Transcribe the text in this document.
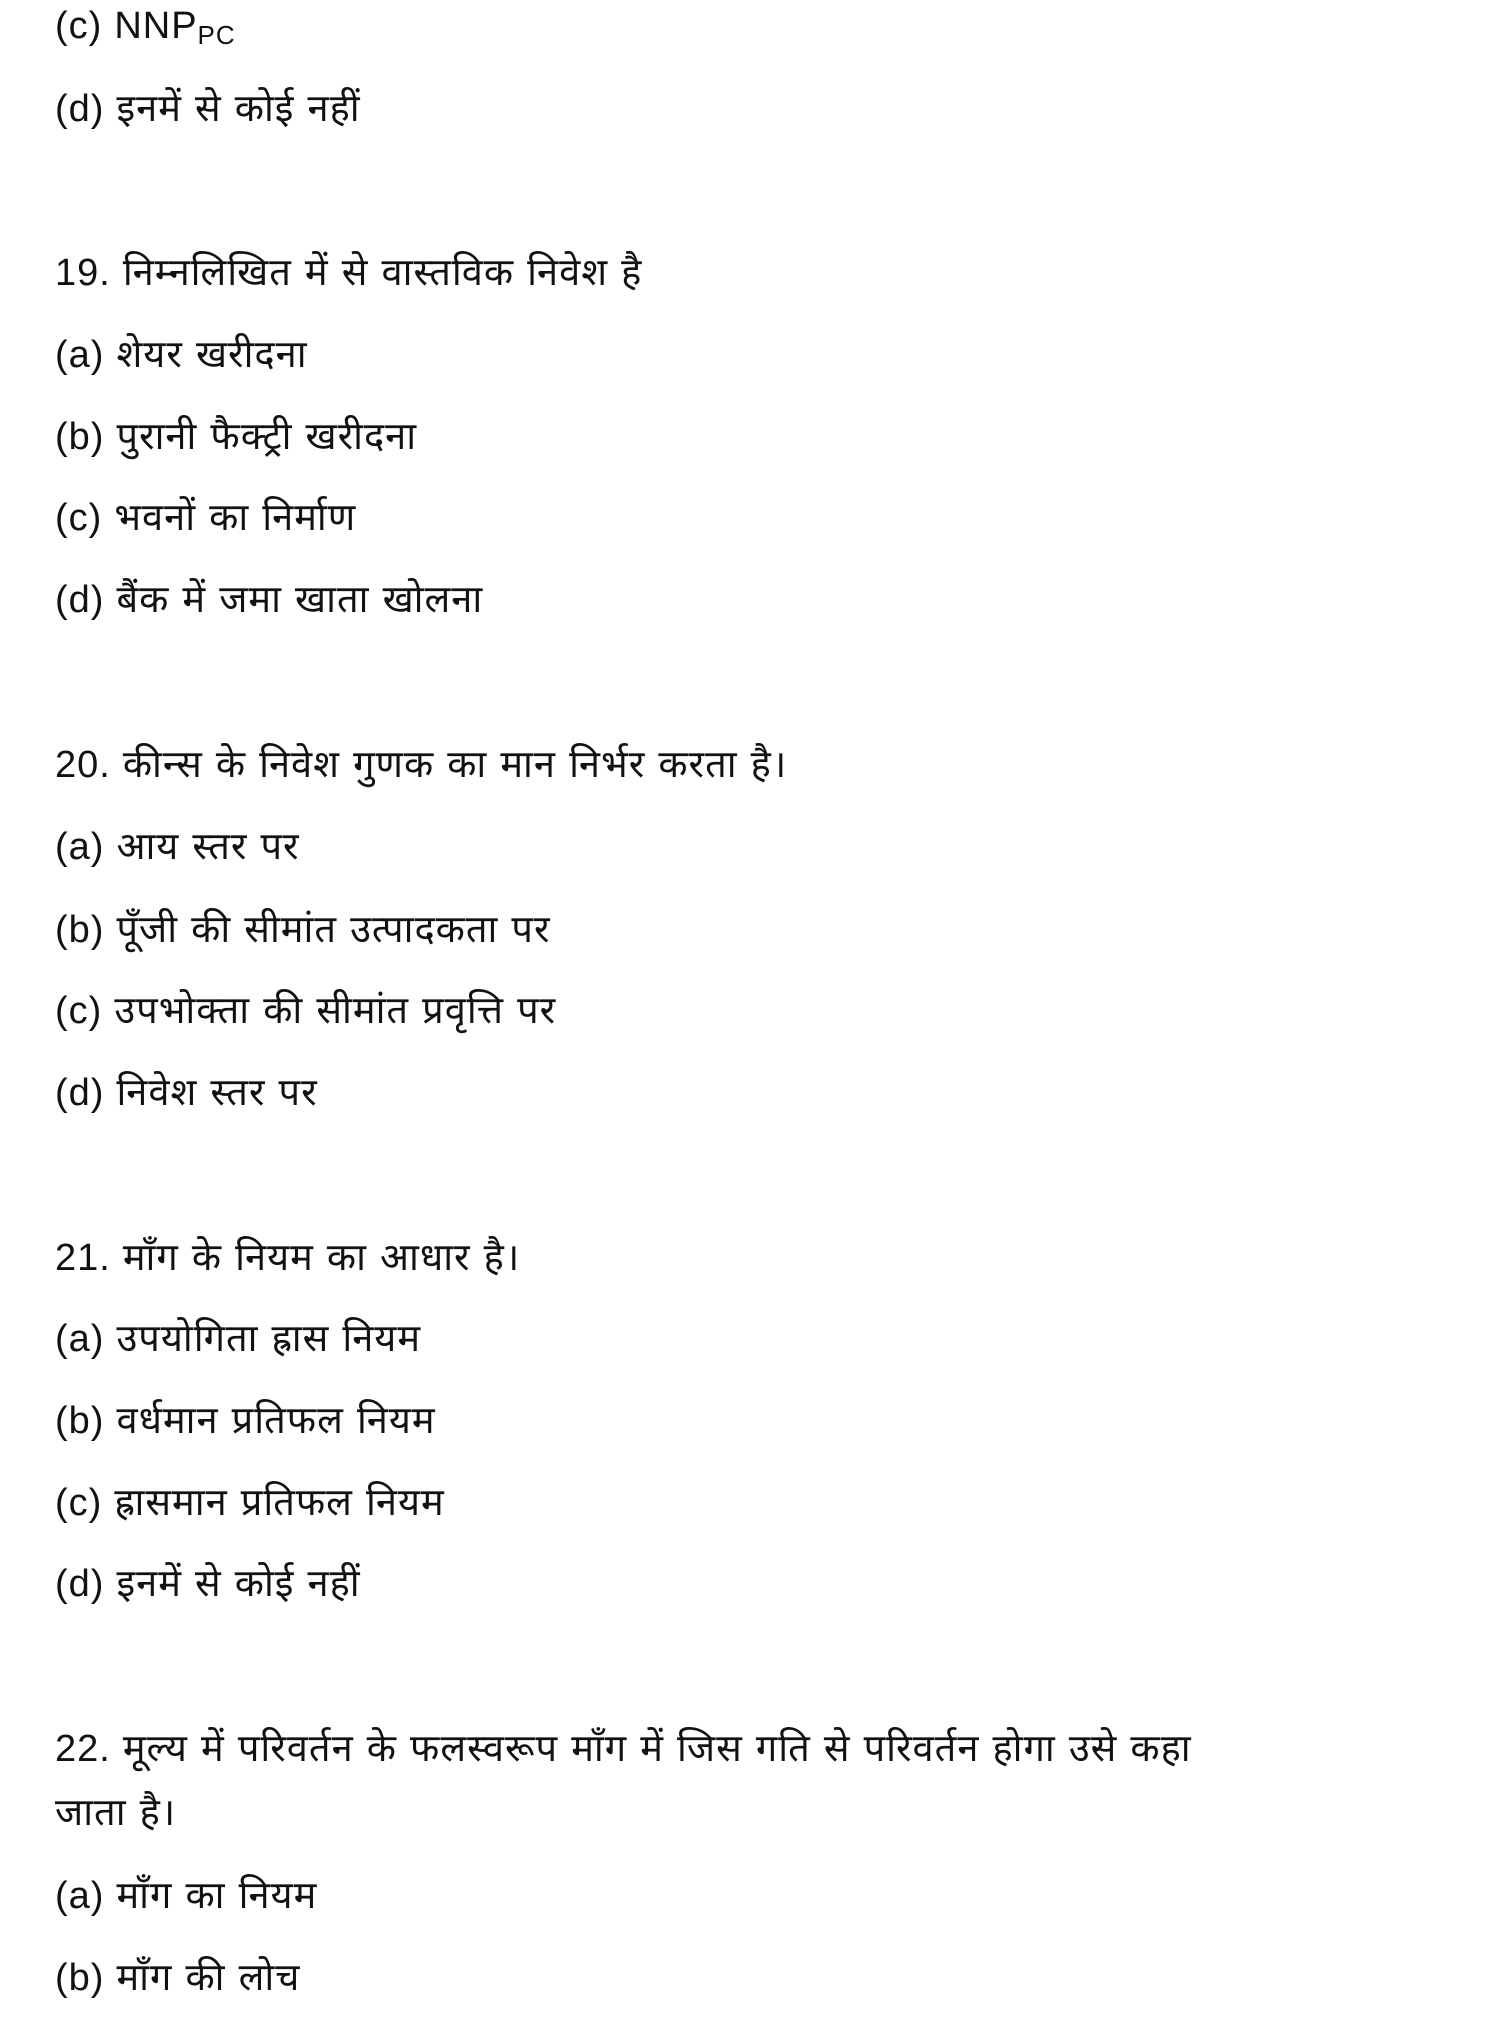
(c) $NNP_{PC}$
(d) इनमें से कोई नहीं
19. निम्नलिखित में से वास्तविक निवेश है
(a) शेयर खरीदना
(b) पुरानी फैक्ट्री खरीदना
(c) भवनों का निर्माण
(d) बैंक में जमा खाता खोलना
20. कीन्स के निवेश गुणक का मान निर्भर करता है।
(a) आय स्तर पर
(b) पूँजी की सीमांत उत्पादकता पर
(c) उपभोक्ता की सीमांत प्रवृत्ति पर
(d) निवेश स्तर पर
21. माँग के नियम का आधार है।
(a) उपयोगिता ह्रास नियम
(b) वर्धमान प्रतिफल नियम
(c) ह्रासमान प्रतिफल नियम
(d) इनमें से कोई नहीं
22. मूल्य में परिवर्तन के फलस्वरूप माँग में जिस गति से परिवर्तन होगा उसे कहा
जाता है।
(a) माँग का नियम
(b) माँग की लोच
